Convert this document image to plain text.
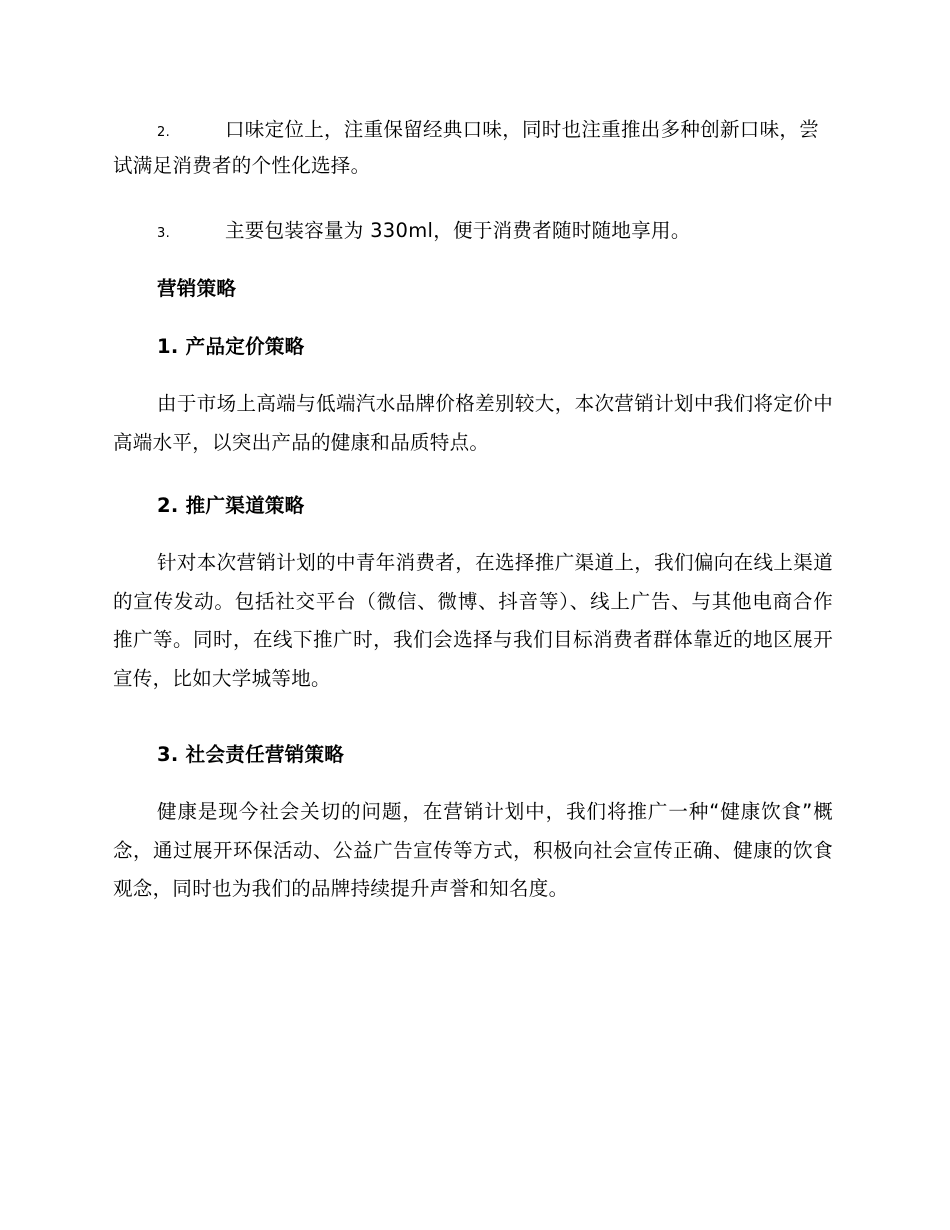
2.	口味定位上，注重保留经典口味，同时也注重推出多种创新口味，尝试满足消费者的个性化选择。
3.	主要包装容量为 330ml，便于消费者随时随地享用。
营销策略
1. 产品定价策略
由于市场上高端与低端汽水品牌价格差别较大，本次营销计划中我们将定价中高端水平，以突出产品的健康和品质特点。
2. 推广渠道策略
针对本次营销计划的中青年消费者，在选择推广渠道上，我们偏向在线上渠道的宣传发动。包括社交平台（微信、微博、抖音等）、线上广告、与其他电商合作推广等。同时，在线下推广时，我们会选择与我们目标消费者群体靠近的地区展开宣传，比如大学城等地。
3. 社会责任营销策略
健康是现今社会关切的问题，在营销计划中，我们将推广一种“健康饮食”概念，通过展开环保活动、公益广告宣传等方式，积极向社会宣传正确、健康的饮食观念，同时也为我们的品牌持续提升声誉和知名度。
